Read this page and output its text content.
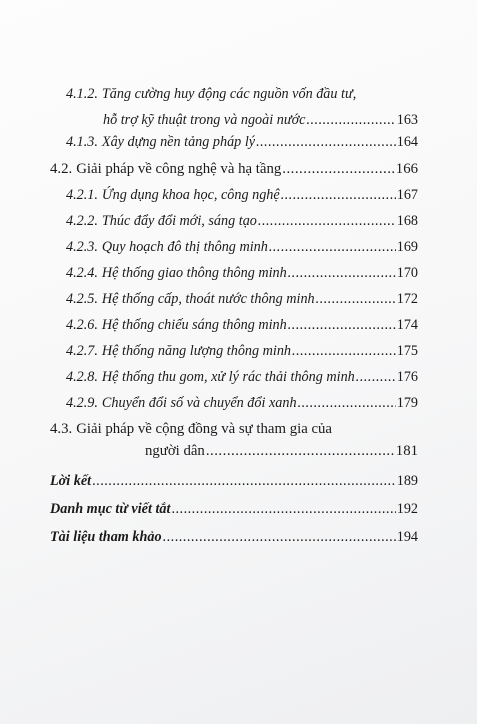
4.1.2. Tăng cường huy động các nguồn vốn đầu tư,
hỗ trợ kỹ thuật trong và ngoài nước .....	163
4.1.3. Xây dựng nền tảng pháp lý .....	164
4.2. Giải pháp về công nghệ và hạ tầng .....	166
4.2.1. Ứng dụng khoa học, công nghệ .....	167
4.2.2. Thúc đẩy đổi mới, sáng tạo .....	168
4.2.3. Quy hoạch đô thị thông minh .....	169
4.2.4. Hệ thống giao thông thông minh .....	170
4.2.5. Hệ thống cấp, thoát nước thông minh .....	172
4.2.6. Hệ thống chiếu sáng thông minh .....	174
4.2.7. Hệ thống năng lượng thông minh .....	175
4.2.8. Hệ thống thu gom, xử lý rác thải thông minh .....	176
4.2.9. Chuyển đổi số và chuyển đổi xanh .....	179
4.3. Giải pháp về cộng đồng và sự tham gia của
người dân .....	181
Lời kết .....	189
Danh mục từ viết tắt .....	192
Tài liệu tham khảo .....	194
